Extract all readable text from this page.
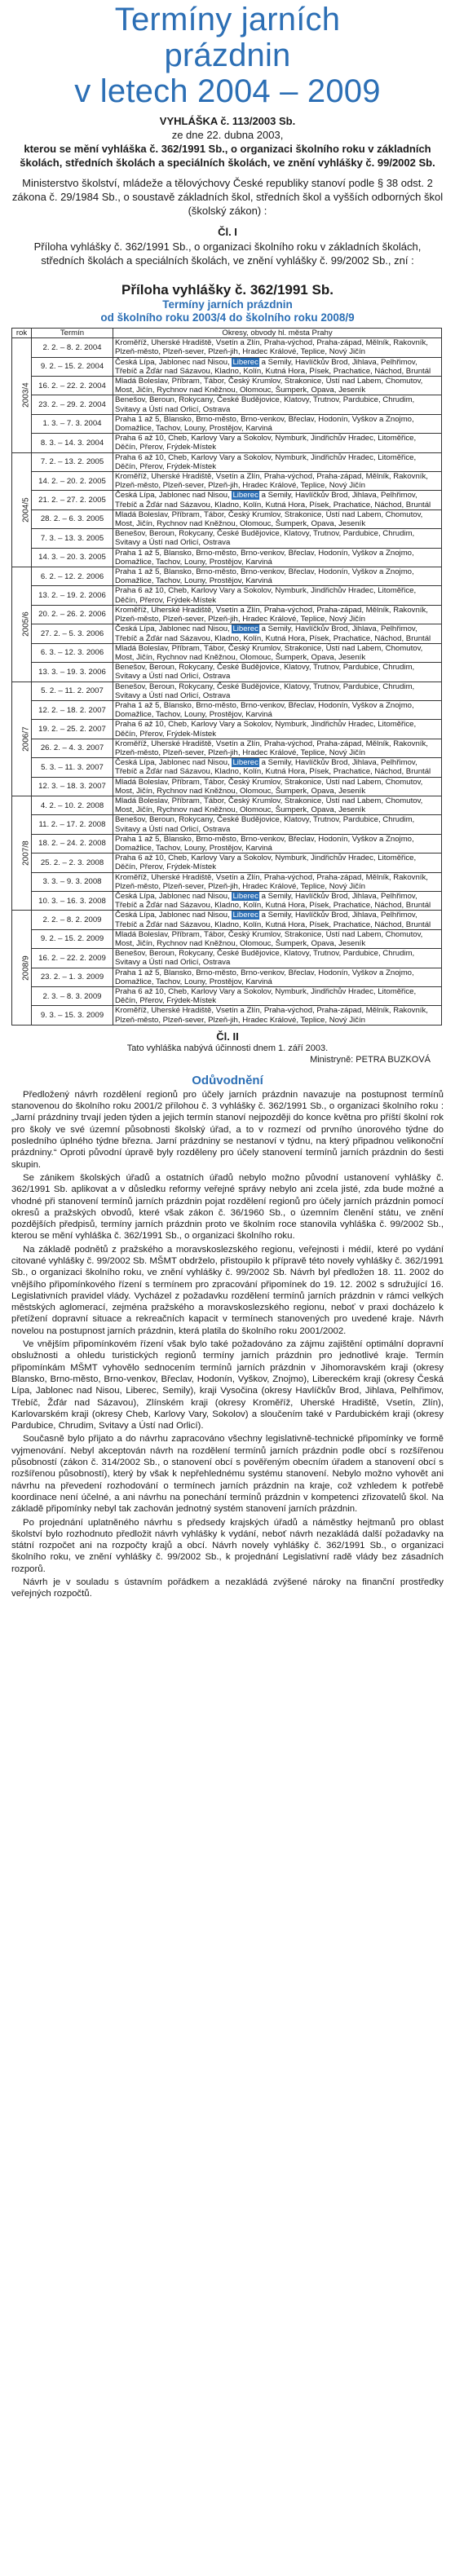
Termíny jarních
prázdnin
v letech 2004 – 2009
VYHLÁŠKA č. 113/2003 Sb.
ze dne 22. dubna 2003,
kterou se mění vyhláška č. 362/1991 Sb., o organizaci školního roku v základních školách, středních školách a speciálních školách, ve znění vyhlášky č. 99/2002 Sb.
Ministerstvo školství, mládeže a tělovýchovy České republiky stanoví podle § 38 odst. 2 zákona č. 29/1984 Sb., o soustavě základních škol, středních škol a vyšších odborných škol (školský zákon) :
Čl. I
Příloha vyhlášky č. 362/1991 Sb., o organizaci školního roku v základních školách, středních školách a speciálních školách, ve znění vyhlášky č. 99/2002 Sb., zní :
Příloha vyhlášky č. 362/1991 Sb.
Termíny jarních prázdnin
od školního roku 2003/4 do školního roku 2008/9
rok	Termín	Okresy, obvody hl. města Prahy
2003/4	2. 2. – 8. 2. 2004	Kroměříž, Uherské Hradiště, Vsetín a Zlín, Praha-východ, Praha-západ, Mělník, Rakovník, Plzeň-město, Plzeň-sever, Plzeň-jih, Hradec Králové, Teplice, Nový Jičín
	9. 2. – 15. 2. 2004	Česká Lípa, Jablonec nad Nisou, Liberec a Semily, Havlíčkův Brod, Jihlava, Pelhřimov, Třebíč a Žďár nad Sázavou, Kladno, Kolín, Kutná Hora, Písek, Prachatice, Náchod, Bruntál
	16. 2. – 22. 2. 2004	Mladá Boleslav, Příbram, Tábor, Český Krumlov, Strakonice, Ústí nad Labem, Chomutov, Most, Jičín, Rychnov nad Kněžnou, Olomouc, Šumperk, Opava, Jeseník
	23. 2. – 29. 2. 2004	Benešov, Beroun, Rokycany, České Budějovice, Klatovy, Trutnov, Pardubice, Chrudim, Svitavy a Ústí nad Orlicí, Ostrava
	1. 3. – 7. 3. 2004	Praha 1 až 5, Blansko, Brno-město, Brno-venkov, Břeclav, Hodonín, Vyškov a Znojmo, Domažlice, Tachov, Louny, Prostějov, Karviná
	8. 3. – 14. 3. 2004	Praha 6 až 10, Cheb, Karlovy Vary a Sokolov, Nymburk, Jindřichův Hradec, Litoměřice, Děčín, Přerov, Frýdek-Místek
2004/5	7. 2. – 13. 2. 2005	Praha 6 až 10, Cheb, Karlovy Vary a Sokolov, Nymburk, Jindřichův Hradec, Litoměřice, Děčín, Přerov, Frýdek-Místek
	14. 2. – 20. 2. 2005	Kroměříž, Uherské Hradiště, Vsetín a Zlín, Praha-východ, Praha-západ, Mělník, Rakovník, Plzeň-město, Plzeň-sever, Plzeň-jih, Hradec Králové, Teplice, Nový Jičín
	21. 2. – 27. 2. 2005	Česká Lípa, Jablonec nad Nisou, Liberec a Semily, Havlíčkův Brod, Jihlava, Pelhřimov, Třebíč a Žďár nad Sázavou, Kladno, Kolín, Kutná Hora, Písek, Prachatice, Náchod, Bruntál
	28. 2. – 6. 3. 2005	Mladá Boleslav, Příbram, Tábor, Český Krumlov, Strakonice, Ústí nad Labem, Chomutov, Most, Jičín, Rychnov nad Kněžnou, Olomouc, Šumperk, Opava, Jeseník
	7. 3. – 13. 3. 2005	Benešov, Beroun, Rokycany, České Budějovice, Klatovy, Trutnov, Pardubice, Chrudim, Svitavy a Ústí nad Orlicí, Ostrava
	14. 3. – 20. 3. 2005	Praha 1 až 5, Blansko, Brno-město, Brno-venkov, Břeclav, Hodonín, Vyškov a Znojmo, Domažlice, Tachov, Louny, Prostějov, Karviná
2005/6	6. 2. – 12. 2. 2006	Praha 1 až 5, Blansko, Brno-město, Brno-venkov, Břeclav, Hodonín, Vyškov a Znojmo, Domažlice, Tachov, Louny, Prostějov, Karviná
	13. 2. – 19. 2. 2006	Praha 6 až 10, Cheb, Karlovy Vary a Sokolov, Nymburk, Jindřichův Hradec, Litoměřice, Děčín, Přerov, Frýdek-Místek
	20. 2. – 26. 2. 2006	Kroměříž, Uherské Hradiště, Vsetín a Zlín, Praha-východ, Praha-západ, Mělník, Rakovník, Plzeň-město, Plzeň-sever, Plzeň-jih, Hradec Králové, Teplice, Nový Jičín
	27. 2. – 5. 3. 2006	Česká Lípa, Jablonec nad Nisou, Liberec a Semily, Havlíčkův Brod, Jihlava, Pelhřimov, Třebíč a Žďár nad Sázavou, Kladno, Kolín, Kutná Hora, Písek, Prachatice, Náchod, Bruntál
	6. 3. – 12. 3. 2006	Mladá Boleslav, Příbram, Tábor, Český Krumlov, Strakonice, Ústí nad Labem, Chomutov, Most, Jičín, Rychnov nad Kněžnou, Olomouc, Šumperk, Opava, Jeseník
	13. 3. – 19. 3. 2006	Benešov, Beroun, Rokycany, České Budějovice, Klatovy, Trutnov, Pardubice, Chrudim, Svitavy a Ústí nad Orlicí, Ostrava
2006/7	5. 2. – 11. 2. 2007	Benešov, Beroun, Rokycany, České Budějovice, Klatovy, Trutnov, Pardubice, Chrudim, Svitavy a Ústí nad Orlicí, Ostrava
	12. 2. – 18. 2. 2007	Praha 1 až 5, Blansko, Brno-město, Brno-venkov, Břeclav, Hodonín, Vyškov a Znojmo, Domažlice, Tachov, Louny, Prostějov, Karviná
	19. 2. – 25. 2. 2007	Praha 6 až 10, Cheb, Karlovy Vary a Sokolov, Nymburk, Jindřichův Hradec, Litoměřice, Děčín, Přerov, Frýdek-Místek
	26. 2. – 4. 3. 2007	Kroměříž, Uherské Hradiště, Vsetín a Zlín, Praha-východ, Praha-západ, Mělník, Rakovník, Plzeň-město, Plzeň-sever, Plzeň-jih, Hradec Králové, Teplice, Nový Jičín
	5. 3. – 11. 3. 2007	Česká Lípa, Jablonec nad Nisou, Liberec a Semily, Havlíčkův Brod, Jihlava, Pelhřimov, Třebíč a Žďár nad Sázavou, Kladno, Kolín, Kutná Hora, Písek, Prachatice, Náchod, Bruntál
	12. 3. – 18. 3. 2007	Mladá Boleslav, Příbram, Tábor, Český Krumlov, Strakonice, Ústí nad Labem, Chomutov, Most, Jičín, Rychnov nad Kněžnou, Olomouc, Šumperk, Opava, Jeseník
2007/8	4. 2. – 10. 2. 2008	Mladá Boleslav, Příbram, Tábor, Český Krumlov, Strakonice, Ústí nad Labem, Chomutov, Most, Jičín, Rychnov nad Kněžnou, Olomouc, Šumperk, Opava, Jeseník
	11. 2. – 17. 2. 2008	Benešov, Beroun, Rokycany, České Budějovice, Klatovy, Trutnov, Pardubice, Chrudim, Svitavy a Ústí nad Orlicí, Ostrava
	18. 2. – 24. 2. 2008	Praha 1 až 5, Blansko, Brno-město, Brno-venkov, Břeclav, Hodonín, Vyškov a Znojmo, Domažlice, Tachov, Louny, Prostějov, Karviná
	25. 2. – 2. 3. 2008	Praha 6 až 10, Cheb, Karlovy Vary a Sokolov, Nymburk, Jindřichův Hradec, Litoměřice, Děčín, Přerov, Frýdek-Místek
	3. 3. – 9. 3. 2008	Kroměříž, Uherské Hradiště, Vsetín a Zlín, Praha-východ, Praha-západ, Mělník, Rakovník, Plzeň-město, Plzeň-sever, Plzeň-jih, Hradec Králové, Teplice, Nový Jičín
	10. 3. – 16. 3. 2008	Česká Lípa, Jablonec nad Nisou, Liberec a Semily, Havlíčkův Brod, Jihlava, Pelhřimov, Třebíč a Žďár nad Sázavou, Kladno, Kolín, Kutná Hora, Písek, Prachatice, Náchod, Bruntál
2008/9	2. 2. – 8. 2. 2009	Česká Lípa, Jablonec nad Nisou, Liberec a Semily, Havlíčkův Brod, Jihlava, Pelhřimov, Třebíč a Žďár nad Sázavou, Kladno, Kolín, Kutná Hora, Písek, Prachatice, Náchod, Bruntál
	9. 2. – 15. 2. 2009	Mladá Boleslav, Příbram, Tábor, Český Krumlov, Strakonice, Ústí nad Labem, Chomutov, Most, Jičín, Rychnov nad Kněžnou, Olomouc, Šumperk, Opava, Jeseník
	16. 2. – 22. 2. 2009	Benešov, Beroun, Rokycany, České Budějovice, Klatovy, Trutnov, Pardubice, Chrudim, Svitavy a Ústí nad Orlicí, Ostrava
	23. 2. – 1. 3. 2009	Praha 1 až 5, Blansko, Brno-město, Brno-venkov, Břeclav, Hodonín, Vyškov a Znojmo, Domažlice, Tachov, Louny, Prostějov, Karviná
	2. 3. – 8. 3. 2009	Praha 6 až 10, Cheb, Karlovy Vary a Sokolov, Nymburk, Jindřichův Hradec, Litoměřice, Děčín, Přerov, Frýdek-Místek
	9. 3. – 15. 3. 2009	Kroměříž, Uherské Hradiště, Vsetín a Zlín, Praha-východ, Praha-západ, Mělník, Rakovník, Plzeň-město, Plzeň-sever, Plzeň-jih, Hradec Králové, Teplice, Nový Jičín
Čl. II
Tato vyhláška nabývá účinnosti dnem 1. září 2003.
Ministryně: PETRA BUZKOVÁ
Odůvodnění

Předložený návrh rozdělení regionů pro účely jarních prázdnin navazuje na postupnost termínů stanovenou do školního roku 2001/2 přílohou č. 3 vyhlášky č. 362/1991 Sb., o organizaci školního roku : „Jarní prázdniny trvají jeden týden a jejich termín stanoví nejpozději do konce května pro příští školní rok pro školy ve své územní působnosti školský úřad, a to v rozmezí od prvního únorového týdne do posledního úplného týdne března. Jarní prázdniny se nestanoví v týdnu, na který připadnou velikonoční prázdniny.“ Oproti původní úpravě byly rozděleny pro účely stanovení termínů jarních prázdnin do šesti skupin.

Se zánikem školských úřadů a ostatních úřadů nebylo možno původní ustanovení vyhlášky č. 362/1991 Sb. aplikovat a v důsledku reformy veřejné správy nebylo ani zcela jisté, zda bude možné a vhodné při stanovení termínů jarních prázdnin pojat rozdělení regionů pro účely jarních prázdnin pomocí okresů a pražských obvodů, které však zákon č. 36/1960 Sb., o územním členění státu, ve znění pozdějších předpisů, termíny jarních prázdnin proto ve školním roce stanovila vyhláška č. 99/2002 Sb., kterou se mění vyhláška č. 362/1991 Sb., o organizaci školního roku.

Na základě podnětů z pražského a moravskoslezského regionu, veřejnosti i médií, které po vydání citované vyhlášky č. 99/2002 Sb. MŠMT obdrželo, přistoupilo k přípravě této novely vyhlášky č. 362/1991 Sb., o organizaci školního roku, ve znění vyhlášky č. 99/2002 Sb. Návrh byl předložen 18. 11. 2002 do vnějšího připomínkového řízení s termínem pro zpracování připomínek do 19. 12. 2002 s sdružující 16. Legislativních pravidel vlády. Vycházel z požadavku rozdělení termínů jarních prázdnin v rámci velkých městských aglomerací, zejména pražského a moravskoslezského regionu, neboť v praxi docházelo k přetížení dopravní situace a rekreačních kapacit v termínech stanovených pro uvedené kraje. Návrh novelou na postupnost jarních prázdnin, která platila do školního roku 2001/2002.

Ve vnějším připomínkovém řízení však bylo také požadováno za zájmu zajištění optimální dopravní obslužnosti a ohledu turistických regionů termíny jarních prázdnin pro jednotlivé kraje. Termín připomínkám MŠMT vyhovělo sednocením termínů jarních prázdnin v Jihomoravském kraji (okresy Blansko, Brno-město, Brno-venkov, Břeclav, Hodonín, Vyškov, Znojmo), Libereckém kraji (okresy Česká Lípa, Jablonec nad Nisou, Liberec, Semily), kraji Vysočina (okresy Havlíčkův Brod, Jihlava, Pelhřimov, Třebíč, Žďár nad Sázavou), Zlínském kraji (okresy Kroměříž, Uherské Hradiště, Vsetín, Zlín), Karlovarském kraji (okresy Cheb, Karlovy Vary, Sokolov) a sloučením také v Pardubickém kraji (okresy Pardubice, Chrudim, Svitavy a Ústí nad Orlicí).

Současně bylo přijato a do návrhu zapracováno všechny legislativně-technické připomínky ve formě vyjmenování. Nebyl akceptován návrh na rozdělení termínů jarních prázdnin podle obcí s rozšířenou působností (zákon č. 314/2002 Sb., o stanovení obcí s pověřeným obecním úřadem a stanovení obcí s rozšířenou působností), který by však k nepřehlednému systému stanovení. Nebylo možno vyhovět ani návrhu na převedení rozhodování o termínech jarních prázdnin na kraje, což vzhledem k potřebě koordinace není účelné, a ani návrhu na ponechání termínů prázdnin v kompetenci zřizovatelů škol. Na základě připomínky nebyl tak zachován jednotný systém stanovení jarních prázdnin.

Po projednání uplatněného návrhu s předsedy krajských úřadů a náměstky hejtmanů pro oblast školství bylo rozhodnuto předložit návrh vyhlášky k vydání, neboť návrh nezakládá další požadavky na státní rozpočet ani na rozpočty krajů a obcí. Návrh novely vyhlášky č. 362/1991 Sb., o organizaci školního roku, ve znění vyhlášky č. 99/2002 Sb., k projednání Legislativní radě vlády bez zásadních rozporů.

Návrh je v souladu s ústavním pořádkem a nezakládá zvýšené nároky na finanční prostředky veřejných rozpočtů.
